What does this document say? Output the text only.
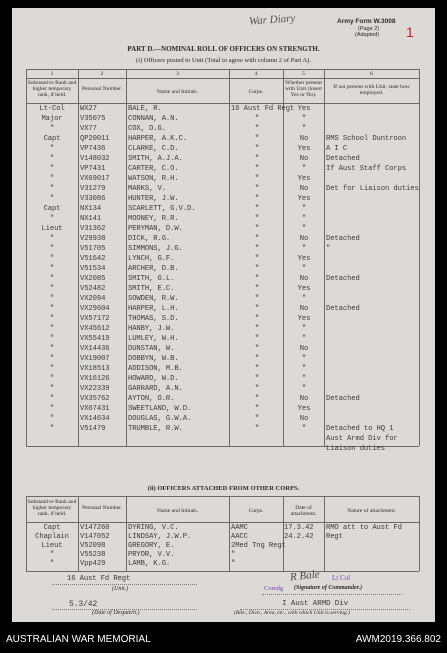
War Diary	Army Form W.3008
(Page 2)
(Adapted) 1
PART D.—NOMINAL ROLL OF OFFICERS ON STRENGTH.
(i) Officers posted to Unit (Total to agree with column 2 of Part A).
1	2	3	4	5	6
Substantive Rank and higher temporary rank, if held.
Personal Number.	Name and Initials.	Corps.
Whether present with Unit (insert Yes or No).
If not present with Unit, state how employed.
Lt-Col	WX27	BALE, R.	16 Aust Fd Regt Yes
Major	V35075	CONNAN, A.N.	"	"
"	VX77	COX, D.G.	"	"
Capt	QP20011	HARPER, A.K.C.	"	No	RMS School Duntroon
"	VP7436	CLARKE, C.D.	"	Yes	A I C
"	V148032	SMITH, A.J.A.	"	No	Detached
"	VP7431	CARTER, C.O.	"	"	If Aust Staff Corps
"	VX69017	WATSON, R.H.	"	Yes
"	V31279	MARKS, V.	"	No	Det for Liaison duties
"	V33086	HUNTER, J.W.	"	Yes
Capt	NX134	SCARLETT, G.V.D.	"	"
"	NX141	MOONEY, R.R.	"	"
Lieut	V31362	PERYMAN, D.W.	"	"
"	V29938	DICK, R.G.	"	No	Detached
"	V51705	SIMMONS, J.G.	"	"	"
"	V51642	LYNCH, G.F.	"	Yes
"	V51534	ARCHER, D.B.	"	"
"	VX2085	SMITH, G.L.	"	No	Detached
"	V52482	SMITH, E.C.	"	Yes
"	VX2094	SOWDEN, R.W.	"	"
"	VX29604	HARPER, L.H.	"	No	Detached
"	VX57172	THOMAS, S.D.	"	Yes
"	VX45612	HANBY, J.W.	"	"
"	VX55419	LUMLEY, W.H.	"	"
"	VX14436	DUNSTAN, W.	"	No
"	VX19007	DOBBYN, W.B.	"	"
"	VX18513	ADDISON, M.B.	"	"
"	VX16126	HOWARD, W.D.	"	"
"	VX22339	GARRARD, A.N.	"	"
"	VX35762	AYTON, O.R.	"	No	Detached
"	VX67431	SWEETLAND, W.D.	"	Yes
"	VX14634	DOUGLAS, G.W.A.	"	No
"	V51479	TRUMBLE, R.W.	"	"	Detached to HQ 1
Aust Armd Div for
Liaison duties
(ii) OFFICERS ATTACHED FROM OTHER CORPS.
Substantive Rank and higher temporary rank, if held.
Personal Number.	Name and Initials.	Corps.	Date of attachment.	Nature of attachment.
Capt	V147260	DYRING, V.C.	AAMC	17.3.42	RMO att to Aust Fd
Chaplain	V147052	LINDSAY, J.W.P.	AACC	24.2.42	Regt
Lieut	V52098	GREGORY, E.	2Med Tng Regt
"	V55238	PRYOR, V.V.	"
"	Vpp429	LAMB, K.G.	"
16 Aust Fd Regt
(Unit.)
R Bale Lt Col
Comdg (Signature of Commander.)
5.3/42
(Date of Despatch.)
I Aust ARMD Div
(Bde., Divn., Area, etc., with which Unit is serving.)
AUSTRALIAN WAR MEMORIAL	AWM2019.366.802
